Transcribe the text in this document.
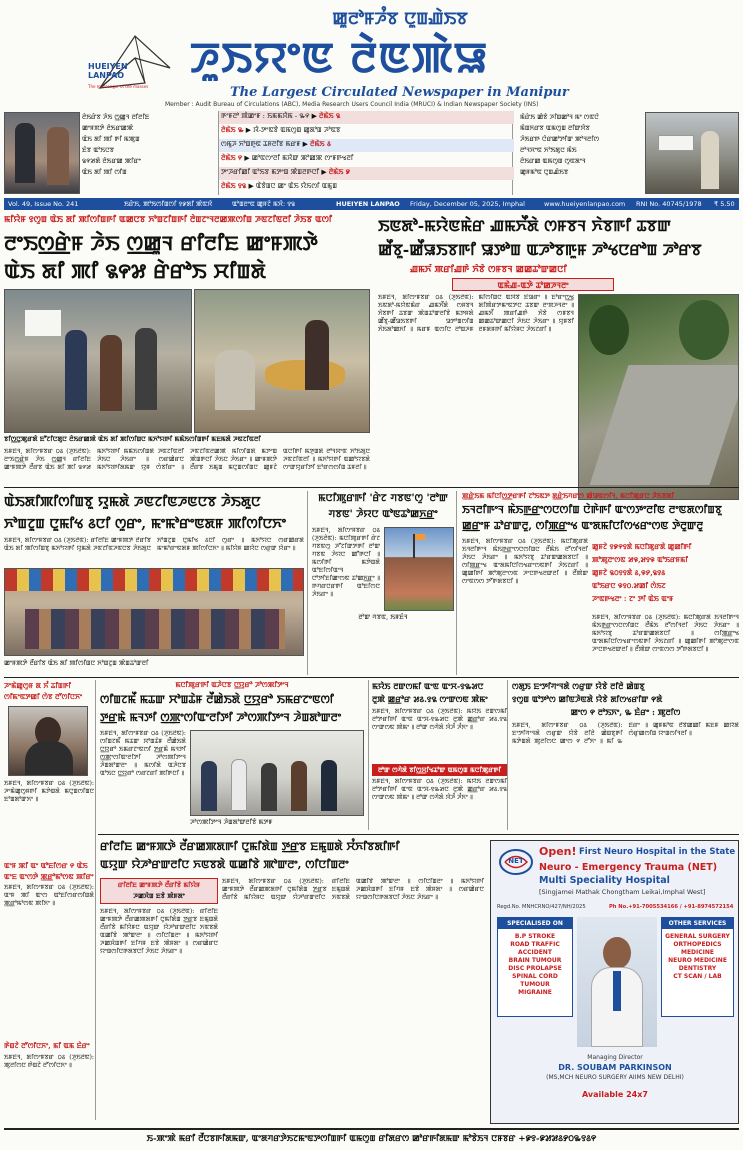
ꯀꯨꯂꯣꯝꯍꯪꯕ ꯅꯨꯡꯉꯥꯏꯕ
HUEIYEN LANPAO
The messenger of the masses
ꯍꯨꯏꯌꯦꯟ ꯂꯥꯟꯄꯥꯎ
The Largest Circulated Newspaper in Manipur
Member : Audit Bureau of Circulations (ABC), Media Research Users Council India (MRUCI) & Indian Newspaper Society (INS)
ꯂꯥꯏꯔꯥꯕ ꯍꯥꯏ ꯁ꯭ꯀꯨꯜ ꯂꯤꯂꯤꯐ
ꯀꯦꯝꯞꯇꯥ ꯂꯥꯏꯔꯀꯄꯥ
ꯑꯥꯏ ꯗꯤ ꯄꯤ ꯒꯤ ꯃꯄꯨꯡ
ꯐꯥꯕ ꯑꯣꯏꯅꯕ
꯲꯵꯷ꯗꯥ ꯂꯥꯏꯔꯀ ꯄꯤꯔꯦ
ꯑꯥꯏ ꯗꯤ ꯄꯤ ꯁꯤꯡ
ꯒꯦꯝꯂꯣ ꯄꯥꯀꯦꯝ : ꯏꯃꯃꯆꯥꯃ - ꯳꯵ ▶ ꯂꯥꯃꯥꯏ ꯲
ꯂꯥꯃꯥꯏ ꯳ ▶ ꯋꯥ-ꯇꯦꯟꯕꯥ ꯑꯃꯁꯨꯡ ꯀꯨꯗꯣꯡ ꯍꯣꯟꯕ
ꯁꯃꯨꯍ ꯈꯣꯡꯒꯨꯟ ꯊꯝꯂꯤꯕ ꯃꯔꯝ ▶ ꯂꯥꯃꯥꯏ ꯴
ꯂꯥꯃꯥꯏ ꯵ ▶ ꯀꯣꯟꯁꯦꯂꯤ ꯃꯆꯥꯛ ꯄꯣꯀꯄ ꯁꯦꯝꯒꯠꯂꯤ
ꯇꯦꯍꯔꯤꯀꯤ ꯑꯣꯏꯕ ꯃꯇꯦꯡ ꯄꯥꯡꯂꯒꯅꯤ ▶ ꯂꯥꯃꯥꯏ ꯹
ꯂꯥꯃꯥꯏ ꯱꯲ ▶ ꯑꯥꯕꯥꯡꯅ ꯀꯦ ꯑꯥꯏ ꯌꯥꯏꯁꯤ ꯑꯃꯨꯡ
ꯃꯥꯔꯥꯏ ꯀꯥꯕꯥ ꯍꯤꯡꯀꯣꯜ ꯃꯦ ꯁꯟꯅꯥ
ꯃꯥꯡꯈꯔꯕ ꯑꯃꯁꯨꯡ ꯂꯤꯛꯆꯥꯕ
ꯍꯥꯏꯔꯒ ꯅꯥꯔꯀꯣꯇꯤꯛ ꯄꯣꯜꯂꯤꯁ
ꯂꯣꯜꯆꯦꯟ ꯈꯣꯏꯗꯨꯅ ꯃꯥꯏ
ꯂꯥꯏꯔꯀ ꯑꯃꯁꯨꯡ ꯁꯨꯟꯗꯦꯜ
ꯀꯨꯝꯃꯣꯟ ꯅꯨꯡꯉꯥꯏꯕ
Vol. 49, Issue No. 241	ꯏꯔꯥꯏ, ꯄꯣꯏꯁꯤꯡꯁꯤ ꯱꯹ꯗꯤ ꯄꯥꯟꯆꯥ	ꯑꯣꯡꯂꯦꯟ ꯀꯨꯝꯖꯥ ꯃꯆꯥ: ꯱꯲	HUEIYEN LANPAO Friday, December 05, 2025, Imphal	www.hueiyenlanpao.com RNI No. 40745/1978 ₹ 5.50
ꯃꯤꯌꯥꯝ ꯱ꯁꯨꯡ ꯑꯥꯏ ꯗꯤ ꯄꯤꯁꯤꯡꯒꯤ ꯑꯀꯅꯕ ꯈꯣꯡꯖꯤꯡꯒꯤ ꯂꯥꯡꯖꯦꯜꯂꯀꯄꯁꯤꯡ ꯍꯟꯖꯤꯟꯂꯤ ꯍꯥꯏꯕ ꯑꯁꯤ
ꯂꯦꯏꯁ꯭ꯔꯥꯝ ꯍꯥꯏ ꯁ꯭ꯀꯨꯜ ꯔꯤꯂꯤꯐ ꯀꯦꯝꯄꯇꯥ
ꯑꯥꯏ ꯗꯤ ꯄꯤ ꯲꯵꯷ ꯔꯥꯔꯣꯏ ꯆꯤꯡꯗꯥ
ꯕꯤꯁ꯭ꯅꯨꯄꯨꯔꯗꯥ ꯐꯧꯖꯤꯅꯗꯨꯅ ꯂꯥꯏꯔꯀꯄꯥ ꯑꯥꯏ ꯗꯤ ꯄꯤꯁꯤꯡꯅ ꯃꯈꯣꯌꯒꯤ ꯃꯃꯥꯏꯁꯤꯡꯒꯤ ꯃꯐꯃꯗꯥ ꯍꯟꯖꯤꯟꯂꯤ
ꯏꯝꯐꯥꯜ, ꯗꯤꯁꯦꯝꯕꯔ ꯰꯴ (ꯍꯨꯏꯂꯥꯟ): ꯂꯦꯏꯁ꯭ꯔꯥꯝ ꯍꯥꯏ ꯁ꯭ꯀꯨꯜ ꯔꯤꯂꯤꯐ ꯀꯦꯝꯄꯇꯥ ꯂꯩꯔꯕ ꯑꯥꯏ ꯗꯤ ꯄꯤ ꯲꯵꯷ ꯃꯈꯣꯌꯒꯤ ꯃꯃꯥꯏꯁꯤꯡꯗꯥ ꯍꯟꯖꯤꯟꯂꯤ ꯍꯥꯏꯅ ꯍꯥꯏꯔꯦ ꯫ ꯁꯔꯀꯥꯔꯅ ꯃꯈꯣꯌꯒꯤꯗꯃꯛ ꯌꯨꯝ ꯁꯥꯕꯤꯔꯦ ꯫ ꯍꯟꯖꯤꯟꯂꯀꯄꯥ ꯃꯤꯁꯤꯡꯗꯥ ꯃꯇꯦꯡ ꯄꯥꯡꯒꯅꯤ ꯍꯥꯏꯅ ꯍꯥꯏꯔꯦ ꯫ ꯀꯦꯝꯄꯇꯥ ꯂꯩꯔꯕ ꯏꯃꯨꯡ ꯃꯅꯨꯡꯁꯤꯡꯅ ꯀꯨꯝꯖꯥ ꯑꯅꯤꯒꯤ ꯃꯇꯨꯡꯗꯥ ꯂꯣꯜꯆꯦꯟ ꯈꯣꯏꯗꯨꯅ ꯍꯟꯖꯤꯟꯂꯤ ꯫ ꯃꯈꯣꯌꯒꯤ ꯑꯀꯣꯌꯕꯗꯥ ꯁꯦꯛꯌꯨꯔꯤꯇꯤ ꯐꯣꯔꯁꯁꯤꯡ ꯊꯝꯂꯤ ꯫
ꯏꯟꯗꯣ-ꯃꯌꯥꯟꯃꯥꯔ ꯉꯃꯈꯩꯗꯥ ꯁꯝꯕꯜ ꯈꯥꯕꯒꯤ ꯊꯕꯛ
ꯀꯩꯕꯨ-ꯀꯩꯎꯏꯕꯒꯤ ꯎꯇꯣꯡ ꯑꯍꯣꯕꯒꯨꯝ ꯍꯣꯠꯅꯔꯣꯡ ꯍꯣꯔꯕ
ꯉꯃꯈꯩ ꯄꯔꯤꯉꯒꯥ ꯈꯥꯕꯥ ꯁꯝꯕꯜ ꯀꯀꯊꯣꯛꯀꯅꯤ
ꯑꯃꯥꯉ-ꯑꯇꯥ ꯊꯣꯀꯍꯜꯂꯦ
ꯏꯝꯐꯥꯜ, ꯗꯤꯁꯦꯝꯕꯔ ꯰꯴ (ꯍꯨꯏꯂꯥꯟ): ꯏꯟꯗꯣ-ꯃꯌꯥꯟꯃꯥꯔ ꯉꯃꯈꯩꯗꯥ ꯁꯝꯕꯜ ꯈꯥꯕꯒꯤ ꯊꯕꯛ ꯄꯥꯡꯊꯣꯛꯂꯤꯕꯥ ꯃꯇꯝꯗꯥ ꯀꯩꯕꯨ-ꯀꯩꯎꯏꯕꯒꯤ ꯎꯇꯣꯡꯁꯤꯡ ꯈꯥꯏꯗꯣꯀꯈꯤ ꯫ ꯃꯔꯝ ꯑꯁꯤꯅ ꯂꯣꯡꯍꯝ ꯃꯤꯁꯤꯡꯅ ꯑꯋꯥꯕꯥ ꯐꯥꯎꯔꯦ ꯫ ꯐꯣꯔꯦꯁ꯭ꯠ ꯗꯤꯄꯥꯔꯇꯃꯦꯟꯇꯅ ꯊꯕꯛ ꯂꯦꯞꯍꯜꯂꯦ ꯫ ꯉꯃꯈꯩ ꯄꯔꯤꯉꯒꯥ ꯈꯥꯕꯥ ꯁꯝꯕꯜ ꯀꯀꯊꯣꯛꯀꯅꯤ ꯍꯥꯏꯅ ꯍꯥꯏꯔꯦ ꯫ ꯌꯨꯝꯕꯤ ꯂꯝꯗꯝꯒꯤ ꯃꯤꯌꯥꯝꯅ ꯍꯥꯏꯖꯔꯤ ꯫
ꯑꯥꯏꯗꯤꯄꯤꯁꯤꯡꯕꯨ ꯌꯨꯃꯗꯥ ꯍꯟꯖꯤꯟꯍꯟꯅꯕ ꯍꯥꯏꯗꯨꯅ
ꯈꯣꯡꯖꯨꯡ ꯅꯨꯃꯤꯠ ꯴ꯅꯤ ꯁꯨꯔꯦ, ꯃꯦꯃꯣꯔꯦꯟꯗꯝ ꯄꯤꯁꯤꯅꯈꯦ
ꯏꯝꯐꯥꯜ, ꯗꯤꯁꯦꯝꯕꯔ ꯰꯴ (ꯍꯨꯏꯂꯥꯟ): ꯔꯤꯂꯤꯐ ꯀꯦꯝꯄꯇꯥ ꯂꯩꯔꯤꯕ ꯑꯥꯏ ꯗꯤ ꯄꯤꯁꯤꯡꯕꯨ ꯃꯈꯣꯌꯒꯤ ꯌꯨꯃꯗꯥ ꯍꯟꯖꯤꯟꯍꯟꯅꯕ ꯍꯥꯏꯗꯨꯅ ꯈꯣꯡꯖꯨꯡ ꯅꯨꯃꯤꯠ ꯴ꯅꯤ ꯁꯨꯔꯦ ꯫ ꯃꯈꯣꯌꯅ ꯁꯔꯀꯥꯔꯗꯥ ꯃꯦꯃꯣꯔꯦꯟꯗꯝ ꯄꯤꯁꯤꯅꯈꯦ ꯫ ꯃꯤꯌꯥꯝ ꯀꯌꯥꯅ ꯁꯔꯨꯛ ꯌꯥꯔꯦ ꯫
ꯀꯦꯝꯄꯇꯥ ꯂꯩꯔꯤꯕ ꯑꯥꯏ ꯗꯤ ꯄꯤꯁꯤꯡꯅ ꯈꯣꯡꯖꯨꯡ ꯄꯥꯡꯊꯣꯛꯂꯤ
ꯃꯅꯤꯄꯨꯔꯒꯤ 'ꯔꯥꯖ ꯚꯕꯟ'ꯁꯨ 'ꯂꯣꯛ ꯚꯕꯟ' ꯍꯥꯌꯅ ꯑꯣꯟꯊꯣꯀꯈ꯭ꯔꯦ
ꯏꯝꯐꯥꯜ, ꯗꯤꯁꯦꯝꯕꯔ ꯰꯴ (ꯍꯨꯏꯂꯥꯟ): ꯃꯅꯤꯄꯨꯔꯒꯤ ꯔꯥꯖ ꯚꯕꯟꯁꯨ ꯍꯧꯖꯤꯛꯇꯒꯤ ꯂꯣꯛ ꯚꯕꯟ ꯍꯥꯌꯅ ꯀꯧꯒꯅꯤ ꯫ ꯃꯁꯤꯒꯤ ꯃꯇꯥꯡꯗꯥ ꯑꯣꯐꯤꯁꯤꯑꯦꯜ ꯅꯣꯇꯤꯐꯤꯀꯦꯁꯟ ꯊꯣꯀꯈ꯭ꯔꯦ ꯫ ꯒꯚꯔꯅꯔꯒꯤ ꯑꯣꯐꯤꯁꯅ ꯍꯥꯏꯔꯦ ꯫
ꯂꯣꯛ ꯚꯕꯟ, ꯏꯝꯐꯥꯜ
ꯄ꯭ꯔꯥꯏꯃ ꯃꯤꯅꯤꯁ꯭ꯇꯔꯒꯤ ꯖꯣꯏꯟꯇ ꯗ꯭ꯔꯥꯏꯚꯔꯁ ꯀꯥꯎꯟꯁꯤꯜ, ꯃꯅꯤꯄꯨꯔꯅ ꯍꯥꯏꯕꯗꯤ
ꯏꯜꯂꯤꯒꯦꯜ ꯃꯥꯏꯒ꯭ꯔꯦꯁꯅꯁꯤꯡ ꯅꯥꯒꯥꯒꯤ ꯑꯦꯁꯇꯦꯂꯤꯟ ꯂꯦꯟꯗꯁꯤꯡꯕꯨ
ꯀ꯭ꯔꯦꯝ ꯊꯣꯔꯛꯂꯨ, ꯁꯤꯄ꯭ꯔꯦꯠ ꯑꯦꯗꯃꯤꯅꯤꯁꯠꯔꯦꯁꯟ ꯇꯥꯂꯨꯛꯂꯨ
ꯏꯝꯐꯥꯜ, ꯗꯤꯁꯦꯝꯕꯔ ꯰꯴ (ꯍꯨꯏꯂꯥꯟ): ꯃꯅꯤꯄꯨꯔꯗꯥ ꯏꯜꯂꯤꯒꯦꯜ ꯃꯥꯏꯒ꯭ꯔꯦꯁꯅꯁꯤꯡꯅ ꯂꯩꯃꯥꯏ ꯂꯧꯁꯤꯜꯂꯤ ꯍꯥꯏꯅ ꯍꯥꯏꯔꯦ ꯫ ꯃꯈꯣꯌꯕꯨ ꯊꯣꯔꯛꯀꯗꯕꯅꯤ ꯫ ꯁꯤꯄ꯭ꯔꯦꯠ ꯑꯦꯗꯃꯤꯅꯤꯁꯠꯔꯦꯁꯟꯒꯤ ꯍꯥꯏꯖꯔꯤ ꯫ ꯀꯨꯀꯤꯒꯤ ꯄꯣꯄꯨꯂꯦꯁꯟ ꯍꯦꯅꯒꯠꯂꯛꯂꯤ ꯫ ꯂꯩꯄꯥꯛ ꯁꯦꯟꯁꯁ ꯇꯧꯒꯗꯕꯅꯤ ꯫
ꯀꯨꯝꯖꯥ ꯱꯹꯵꯱ꯗꯥ ꯃꯅꯤꯄꯨꯔꯗꯥ ꯀꯨꯀꯤꯒꯤ
ꯄꯣꯄꯨꯂꯦꯁꯟ ꯷꯶,꯷꯱꯶ ꯑꯣꯏꯔꯝꯃꯤ
ꯀꯨꯝꯖꯥ ꯲꯰꯱꯱ꯗꯥ ꯴,꯶꯸,꯲꯱꯴
ꯑꯣꯏꯔꯅ ꯶꯱꯰.꯷ꯀꯤ ꯁꯥꯏꯖ
ꯍꯦꯟꯒꯠꯂꯦ : ꯖꯦ ꯇꯤ ꯑꯥꯏ ꯑꯦꯝ
ꯏꯝꯐꯥꯜ, ꯗꯤꯁꯦꯝꯕꯔ ꯰꯴ (ꯍꯨꯏꯂꯥꯟ): ꯃꯅꯤꯄꯨꯔꯗꯥ ꯏꯜꯂꯤꯒꯦꯜ ꯃꯥꯏꯒ꯭ꯔꯦꯁꯅꯁꯤꯡꯅ ꯂꯩꯃꯥꯏ ꯂꯧꯁꯤꯜꯂꯤ ꯍꯥꯏꯅ ꯍꯥꯏꯔꯦ ꯫ ꯃꯈꯣꯌꯕꯨ ꯊꯣꯔꯛꯀꯗꯕꯅꯤ ꯫ ꯁꯤꯄ꯭ꯔꯦꯠ ꯑꯦꯗꯃꯤꯅꯤꯁꯠꯔꯦꯁꯟꯒꯤ ꯍꯥꯏꯖꯔꯤ ꯫ ꯀꯨꯀꯤꯒꯤ ꯄꯣꯄꯨꯂꯦꯁꯟ ꯍꯦꯅꯒꯠꯂꯛꯂꯤ ꯫ ꯂꯩꯄꯥꯛ ꯁꯦꯟꯁꯁ ꯇꯧꯒꯗꯕꯅꯤ ꯫
ꯍꯦꯃꯥꯀꯨꯁꯨꯝ ꯗ ꯈꯪ ꯊꯤꯡꯒꯤ ꯁꯤꯃꯦꯟꯇꯀꯤ ꯁꯥꯕ ꯂꯧꯁꯤꯅꯈꯦ
ꯏꯝꯐꯥꯜ, ꯗꯤꯁꯦꯝꯕꯔ ꯰꯴ (ꯍꯨꯏꯂꯥꯟ): ꯍꯦꯃꯥꯀꯨꯁꯨꯝꯒꯤ ꯃꯇꯥꯡꯗꯥ ꯃꯅꯨꯡꯁꯤꯡꯅ ꯐꯣꯡꯗꯣꯛꯈꯦ ꯫
ꯑꯦꯝ ꯄꯤ ꯑꯦ ꯑꯣꯐꯤꯁꯔ ꯵ ꯑꯥꯏ ꯑꯦꯐ ꯑꯦꯁꯇꯥ ꯄ꯭ꯔꯣꯃꯣꯁꯟ ꯄꯤꯔꯦ
ꯏꯝꯐꯥꯜ, ꯗꯤꯁꯦꯝꯕꯔ ꯰꯴ (ꯍꯨꯏꯂꯥꯟ): ꯑꯦꯝ ꯄꯤ ꯑꯦꯁ ꯑꯣꯐꯤꯁꯔꯁꯤꯡꯗꯥ ꯄ꯭ꯔꯣꯃꯣꯁꯟ ꯄꯤꯈꯦ ꯫
ꯒꯥꯡꯖꯥ ꯂꯧꯁꯤꯅꯈꯦ, ꯃꯤ ꯑꯃ ꯐꯥꯔꯦ
ꯏꯝꯐꯥꯜ, ꯗꯤꯁꯦꯝꯕꯔ ꯰꯴ (ꯍꯨꯏꯂꯥꯟ): ꯄꯨꯂꯤꯁꯅ ꯒꯥꯡꯖꯥ ꯂꯧꯁꯤꯅꯈꯦ ꯫
ꯃꯅꯤꯄꯨꯔꯒꯤ ꯑꯍꯥꯅꯕ ꯅ꯭ꯌꯨꯔꯣ ꯍꯣꯁꯄꯤꯇꯦꯜ
ꯁꯤꯡꯖꯃꯩ ꯃꯊꯛ ꯆꯣꯡꯊꯥꯝ ꯂꯩꯀꯥꯏꯗꯥ ꯅ꯭ꯌꯨꯔꯣ ꯏꯃꯔꯖꯦꯟꯁꯤ
ꯇ꯭ꯔꯃꯥ ꯃꯜꯇꯤ ꯁ꯭ꯄꯦꯁꯤꯑꯦꯂꯤꯇꯤ ꯍꯣꯁꯄꯤꯇꯦꯜ ꯍꯥꯡꯗꯣꯛꯂꯦ
ꯏꯝꯐꯥꯜ, ꯗꯤꯁꯦꯝꯕꯔ ꯰꯴ (ꯍꯨꯏꯂꯥꯟ): ꯁꯤꯡꯖꯃꯩ ꯃꯊꯛ ꯆꯣꯡꯊꯥꯝ ꯂꯩꯀꯥꯏꯗꯥ ꯅ꯭ꯌꯨꯔꯣ ꯏꯃꯔꯖꯦꯟꯁꯤ ꯇ꯭ꯔꯃꯥ ꯃꯜꯇꯤ ꯁ꯭ꯄꯦꯁꯤꯑꯦꯂꯤꯇꯤ ꯍꯣꯁꯄꯤꯇꯦꯜ ꯍꯥꯡꯗꯣꯛꯂꯦ ꯫ ꯃꯁꯤꯗꯥ ꯑꯍꯥꯅꯕ ꯑꯣꯏꯅ ꯅ꯭ꯌꯨꯔꯣ ꯁꯔꯖꯔꯤ ꯄꯤꯒꯅꯤ ꯫
ꯍꯣꯁꯄꯤꯇꯦꯜ ꯍꯥꯡꯗꯣꯛꯂꯤꯕꯥ ꯃꯇꯝ
ꯃꯌꯥꯏ ꯂꯛꯁꯃꯤ ꯑꯦꯟ ꯑꯦꯆ-꯱꯳꯷ꯅ
ꯂꯨꯄꯥ ꯀ꯭ꯔꯣꯔ ꯷꯴.꯱꯲ ꯁꯦꯛꯁꯟ ꯄꯥꯃꯦ
ꯏꯝꯐꯥꯜ, ꯗꯤꯁꯦꯝꯕꯔ ꯰꯴ (ꯍꯨꯏꯂꯥꯟ): ꯃꯌꯥꯏ ꯂꯛꯁꯃꯤ ꯂꯣꯇꯔꯤꯒꯤ ꯑꯦꯟ ꯑꯦꯆ-꯱꯳꯷ꯅ ꯂꯨꯄꯥ ꯀ꯭ꯔꯣꯔ ꯷꯴.꯱꯲ ꯁꯦꯛꯁꯟ ꯄꯥꯃꯦ ꯫ ꯂꯣꯛ ꯁꯚꯥꯗꯥ ꯋꯥꯍꯪ ꯍꯪꯈꯦ ꯫
ꯂꯣꯛ ꯁꯚꯥꯗꯥ ꯕꯤꯁ꯭ꯆꯤꯠꯊꯣꯛ ꯑꯃꯁꯨꯡ ꯃꯅꯤꯄꯨꯔꯒꯤ
ꯏꯝꯐꯥꯜ, ꯗꯤꯁꯦꯝꯕꯔ ꯰꯴ (ꯍꯨꯏꯂꯥꯟ): ꯃꯌꯥꯏ ꯂꯛꯁꯃꯤ ꯂꯣꯇꯔꯤꯒꯤ ꯑꯦꯟ ꯑꯦꯆ-꯱꯳꯷ꯅ ꯂꯨꯄꯥ ꯀ꯭ꯔꯣꯔ ꯷꯴.꯱꯲ ꯁꯦꯛꯁꯟ ꯄꯥꯃꯦ ꯫ ꯂꯣꯛ ꯁꯚꯥꯗꯥ ꯋꯥꯍꯪ ꯍꯪꯈꯦ ꯫
ꯁꯗꯨꯏ ꯐꯦꯇꯤꯚꯦꯜꯗꯥ ꯁꯔꯨꯛ ꯌꯥꯕꯥ ꯂꯤꯂꯥ ꯀꯥꯡꯕꯨ
꯱ꯁꯨꯡ ꯑꯣꯇꯣꯁ ꯀꯤꯟꯍꯥꯟꯗꯥ ꯌꯥꯕꯥ ꯗꯤꯁꯠꯔꯤꯛ ꯵ꯗꯥ
ꯀꯦꯁ ꯵ ꯂꯣꯏꯈꯦ, ꯳ ꯐꯥꯔꯦ : ꯄꯨꯂꯤꯁ
ꯏꯝꯐꯥꯜ, ꯗꯤꯁꯦꯝꯕꯔ ꯰꯴ (ꯍꯨꯏꯂꯥꯟ): ꯐꯦꯇꯤꯚꯦꯜꯗꯥ ꯁꯔꯨꯛ ꯌꯥꯕꯥ ꯂꯤꯂꯥ ꯀꯥꯡꯕꯨꯒꯤ ꯃꯇꯥꯡꯗꯥ ꯄꯨꯂꯤꯁꯅ ꯀꯦꯁ ꯵ ꯂꯧꯈꯦ ꯫ ꯃꯤ ꯳ ꯐꯥꯔꯦ ꯫ ꯀꯨꯝꯃꯣꯟ ꯂꯩꯕꯥꯀꯀꯤ ꯃꯐꯝ ꯀꯌꯥꯗꯥ ꯁꯥꯔꯨꯀꯁꯤꯡ ꯌꯦꯡꯁꯤꯜꯂꯤ ꯫
ꯔꯤꯂꯤꯐ ꯀꯦꯝꯄꯇꯥ ꯂꯩꯔꯀꯄꯗꯒꯤ ꯅꯨꯃꯤꯗꯥꯡ ꯇ꯭ꯔꯕ ꯐꯃꯨꯡꯗꯥ ꯆꯪꯈꯤꯕꯗꯤꯒꯤ
ꯑꯌꯨꯛ ꯌꯥꯍꯣꯔꯛꯂꯤꯅ ꯈꯟꯕꯗꯥ ꯑꯀꯤꯕꯥ ꯄꯣꯛꯂꯦ, ꯁꯤꯅꯤꯡꯂꯦ
ꯔꯤꯂꯤꯐ ꯀꯦꯝꯄꯇꯥ ꯂꯩꯔꯤꯕꯥ ꯃꯤꯌꯥꯝ
ꯍꯀꯆꯥꯡ ꯐꯕꯥ ꯄꯥꯝꯗꯦ
ꯏꯝꯐꯥꯜ, ꯗꯤꯁꯦꯝꯕꯔ ꯰꯴ (ꯍꯨꯏꯂꯥꯟ): ꯔꯤꯂꯤꯐ ꯀꯦꯝꯄꯇꯥ ꯂꯩꯔꯀꯄꯗꯒꯤ ꯅꯨꯃꯤꯗꯥꯡ ꯇ꯭ꯔꯕ ꯐꯃꯨꯡꯗꯥ ꯂꯩꯔꯤꯕꯥ ꯃꯤꯌꯥꯝꯅ ꯑꯌꯨꯛ ꯌꯥꯍꯣꯔꯛꯂꯤꯅ ꯈꯟꯕꯗꯥ ꯑꯀꯤꯕꯥ ꯄꯣꯛꯂꯦ ꯫ ꯁꯤꯅꯤꯡꯂꯦ ꯫ ꯃꯈꯣꯌꯒꯤ ꯍꯀꯆꯥꯡꯒꯤ ꯐꯤꯚꯝ ꯐꯕꯥ ꯄꯥꯝꯗꯦ ꯫ ꯁꯔꯀꯥꯔꯅ ꯌꯦꯡꯁꯤꯅꯒꯗꯕꯅꯤ ꯍꯥꯏꯅ ꯍꯥꯏꯔꯦ ꯫
ꯏꯝꯐꯥꯜ, ꯗꯤꯁꯦꯝꯕꯔ ꯰꯴ (ꯍꯨꯏꯂꯥꯟ): ꯔꯤꯂꯤꯐ ꯀꯦꯝꯄꯇꯥ ꯂꯩꯔꯀꯄꯗꯒꯤ ꯅꯨꯃꯤꯗꯥꯡ ꯇ꯭ꯔꯕ ꯐꯃꯨꯡꯗꯥ ꯂꯩꯔꯤꯕꯥ ꯃꯤꯌꯥꯝꯅ ꯑꯌꯨꯛ ꯌꯥꯍꯣꯔꯛꯂꯤꯅ ꯈꯟꯕꯗꯥ ꯑꯀꯤꯕꯥ ꯄꯣꯛꯂꯦ ꯫ ꯁꯤꯅꯤꯡꯂꯦ ꯫ ꯃꯈꯣꯌꯒꯤ ꯍꯀꯆꯥꯡꯒꯤ ꯐꯤꯚꯝ ꯐꯕꯥ ꯄꯥꯝꯗꯦ ꯫ ꯁꯔꯀꯥꯔꯅ ꯌꯦꯡꯁꯤꯅꯒꯗꯕꯅꯤ ꯍꯥꯏꯅ ꯍꯥꯏꯔꯦ ꯫
NET
Open! First Neuro Hospital in the State
Neuro - Emergency Trauma (NET)
Multi Speciality Hospital
[Singjamei Mathak Chongtham Leikai,Imphal West]
Regd.No. MNHCRNO/427/NH/2025	Ph No.+91-7005534166 / +91-8974572154
SPECIALISED ON
B.P STROKE
ROAD TRAFFIC ACCIDENT
BRAIN TUMOUR
DISC PROLAPSE
SPINAL CORD TUMOUR
MIGRAINE
OTHER SERVICES
GENERAL SURGERY
ORTHOPEDICS
MEDICINE
NEURO MEDICINE
DENTISTRY
CT SCAN / LAB
Managing Director
DR. SOUBAM PARKINSON
(MS,MCH NEURO SURGERY AIIMS NEW DELHI)
Available 24x7
ꯏ-ꯄꯦꯄꯥ ꯃꯔꯤ ꯂꯩꯅꯕꯒꯤꯗꯃꯛ, ꯑꯦꯗꯚꯔꯇꯥꯏꯖꯃꯦꯟꯇꯁꯤꯡꯒꯤ ꯑꯃꯁꯨꯡ ꯔꯤꯗꯔꯁ ꯀꯣꯔꯒꯤꯗꯃꯛ ꯃꯣꯕꯥꯏꯜ ꯅꯝꯕꯔ +꯹꯱-꯹꯷꯷꯴꯸꯰꯳꯱꯴꯵
